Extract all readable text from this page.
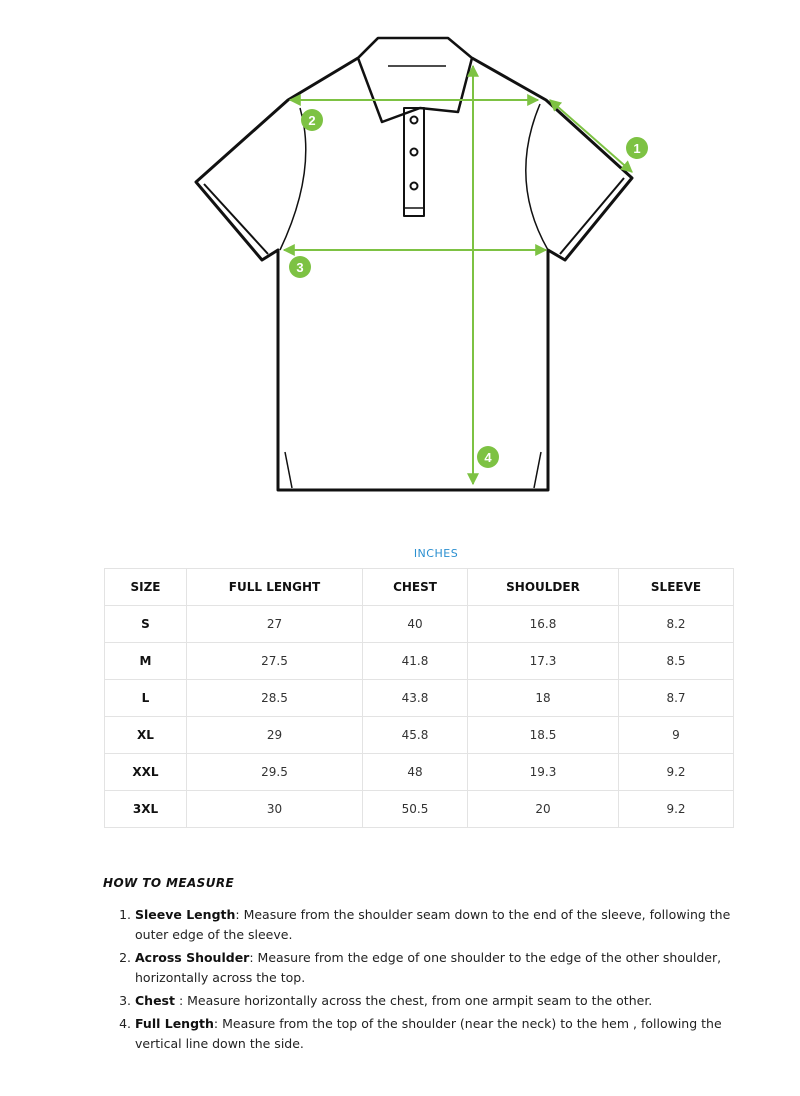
1
2
3
4
INCHES
SIZE	FULL LENGHT	CHEST	SHOULDER	SLEEVE
S	27	40	16.8	8.2
M	27.5	41.8	17.3	8.5
L	28.5	43.8	18	8.7
XL	29	45.8	18.5	9
XXL	29.5	48	19.3	9.2
3XL	30	50.5	20	9.2
HOW TO MEASURE
1. Sleeve Length: Measure from the shoulder seam down to the end of the sleeve, following the outer edge of the sleeve.
2. Across Shoulder: Measure from the edge of one shoulder to the edge of the other shoulder, horizontally across the top.
3. Chest : Measure horizontally across the chest, from one armpit seam to the other.
4. Full Length: Measure from the top of the shoulder (near the neck) to the hem , following the vertical line down the side.
